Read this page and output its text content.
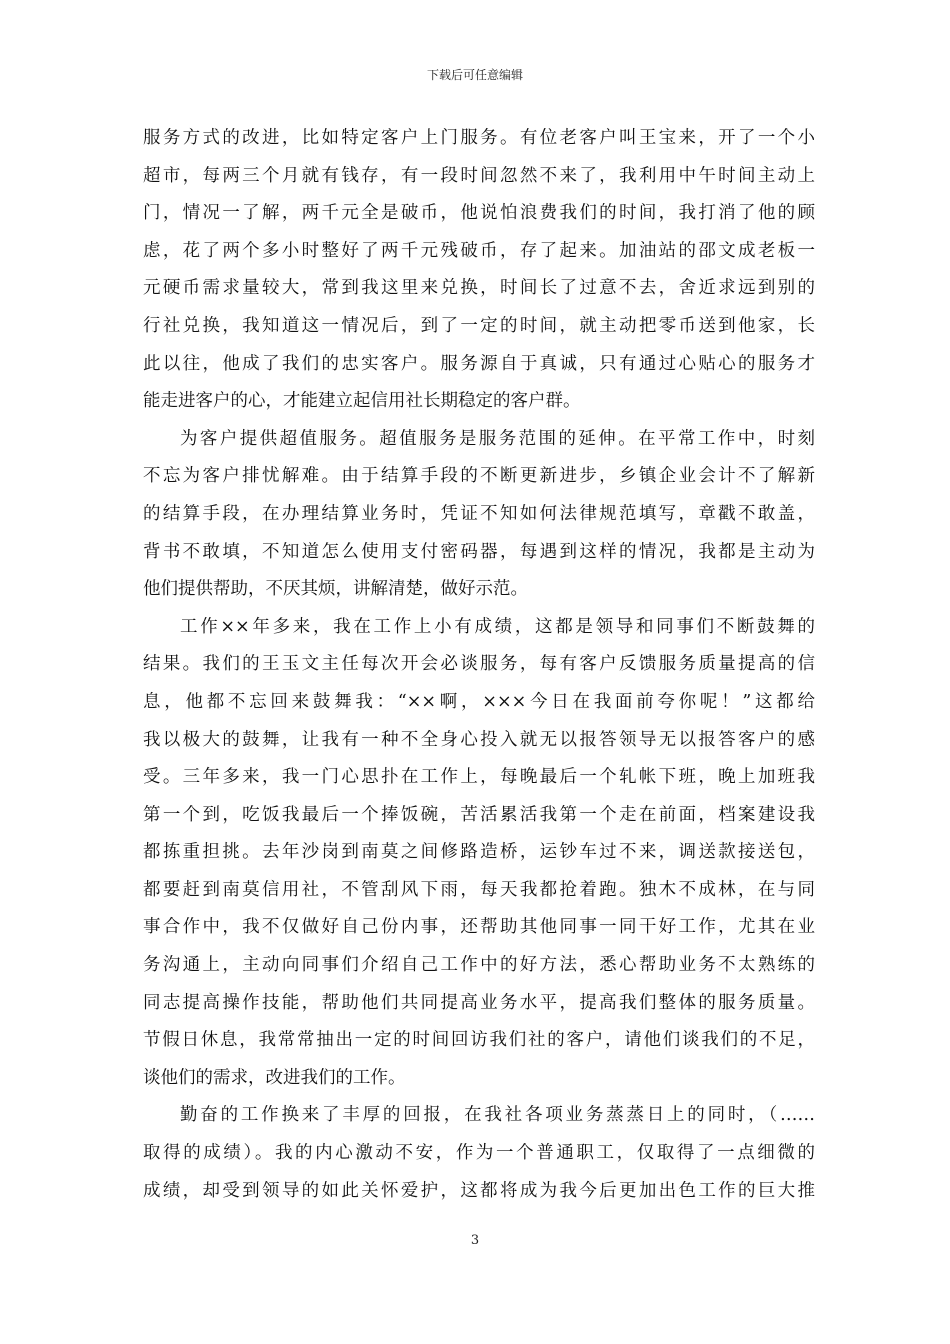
下载后可任意编辑
服务方式的改进，比如特定客户上门服务。有位老客户叫王宝来，开了一个小
超市，每两三个月就有钱存，有一段时间忽然不来了，我利用中午时间主动上
门，情况一了解，两千元全是破币，他说怕浪费我们的时间，我打消了他的顾
虑，花了两个多小时整好了两千元残破币，存了起来。加油站的邵文成老板一
元硬币需求量较大，常到我这里来兑换，时间长了过意不去，舍近求远到别的
行社兑换，我知道这一情况后，到了一定的时间，就主动把零币送到他家，长
此以往，他成了我们的忠实客户。服务源自于真诚，只有通过心贴心的服务才
能走进客户的心，才能建立起信用社长期稳定的客户群。
为客户提供超值服务。超值服务是服务范围的延伸。在平常工作中，时刻
不忘为客户排忧解难。由于结算手段的不断更新进步，乡镇企业会计不了解新
的结算手段，在办理结算业务时，凭证不知如何法律规范填写，章戳不敢盖，
背书不敢填，不知道怎么使用支付密码器，每遇到这样的情况，我都是主动为
他们提供帮助，不厌其烦，讲解清楚，做好示范。
工作××年多来，我在工作上小有成绩，这都是领导和同事们不断鼓舞的
结果。我们的王玉文主任每次开会必谈服务，每有客户反馈服务质量提高的信
息，他都不忘回来鼓舞我：“××啊，×××今日在我面前夸你呢！”这都给
我以极大的鼓舞，让我有一种不全身心投入就无以报答领导无以报答客户的感
受。三年多来，我一门心思扑在工作上，每晚最后一个轧帐下班，晚上加班我
第一个到，吃饭我最后一个捧饭碗，苦活累活我第一个走在前面，档案建设我
都拣重担挑。去年沙岗到南莫之间修路造桥，运钞车过不来，调送款接送包，
都要赶到南莫信用社，不管刮风下雨，每天我都抢着跑。独木不成林，在与同
事合作中，我不仅做好自己份内事，还帮助其他同事一同干好工作，尤其在业
务沟通上，主动向同事们介绍自己工作中的好方法，悉心帮助业务不太熟练的
同志提高操作技能，帮助他们共同提高业务水平，提高我们整体的服务质量。
节假日休息，我常常抽出一定的时间回访我们社的客户，请他们谈我们的不足，
谈他们的需求，改进我们的工作。
勤奋的工作换来了丰厚的回报，在我社各项业务蒸蒸日上的同时，（……
取得的成绩）。我的内心激动不安，作为一个普通职工，仅取得了一点细微的
成绩，却受到领导的如此关怀爱护，这都将成为我今后更加出色工作的巨大推
3
